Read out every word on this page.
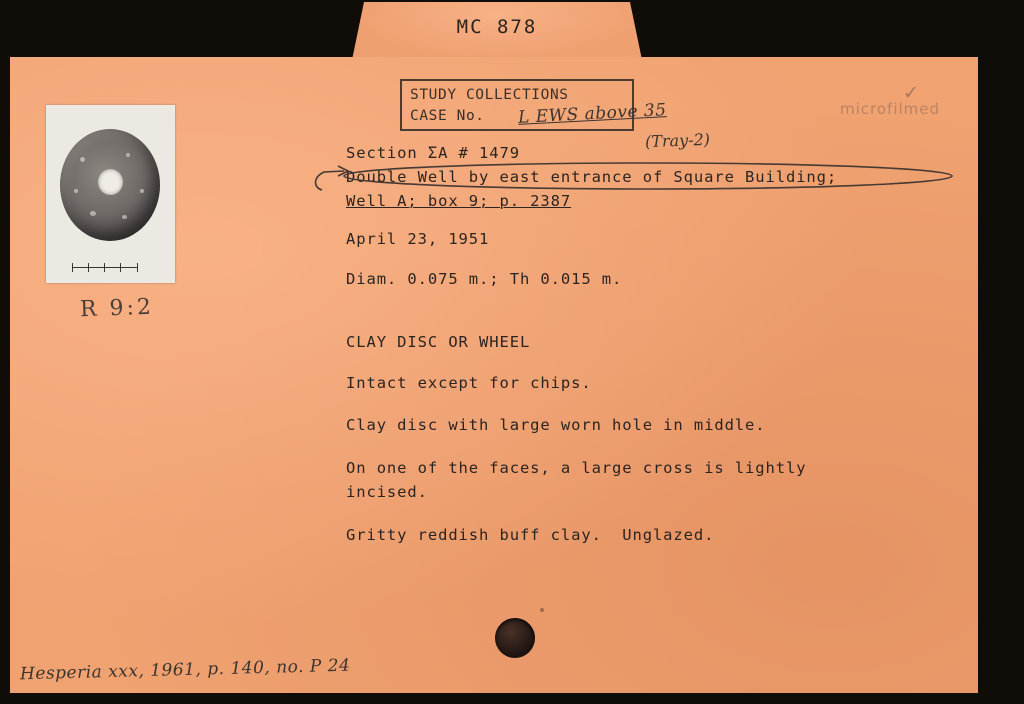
MC 878
STUDY COLLECTIONS
CASE No.	L EWS above 35
(Tray-2)
microfilmed
✓
Section ΣA # 1479
Double Well by east entrance of Square Building;
Well A; box 9; p. 2387
April 23, 1951
Diam. 0.075 m.; Th 0.015 m.
CLAY DISC OR WHEEL
Intact except for chips.
Clay disc with large worn hole in middle.
On one of the faces, a large cross is lightly
incised.
Gritty reddish buff clay.  Unglazed.
R 9:2
Hesperia xxx, 1961, p. 140, no. P 24
